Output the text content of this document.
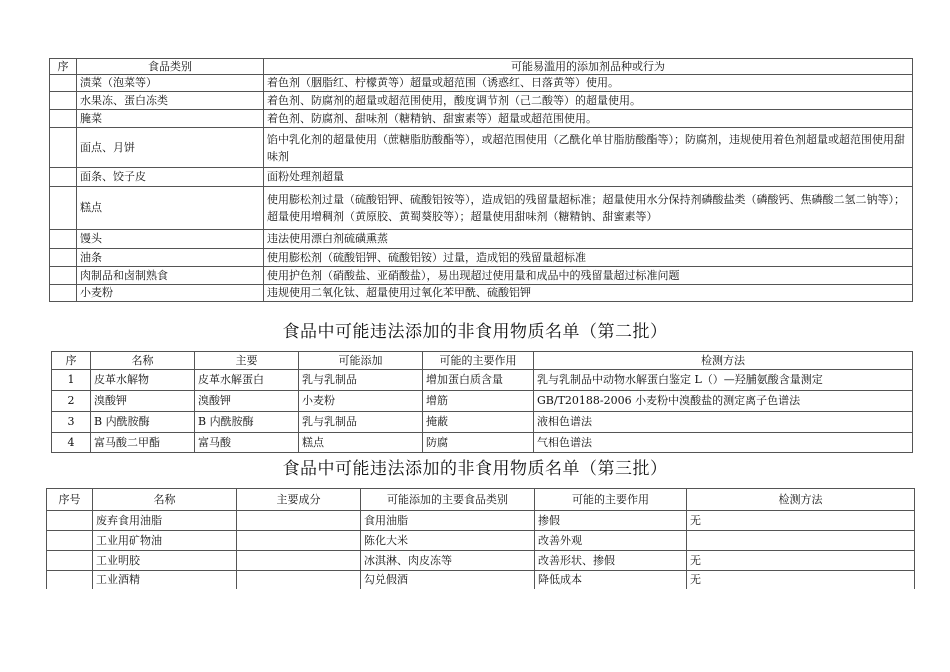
序	食品类别	可能易滥用的添加剂品种或行为
	渍菜（泡菜等）	着色剂（胭脂红、柠檬黄等）超量或超范围（诱惑红、日落黄等）使用。
	水果冻、蛋白冻类	着色剂、防腐剂的超量或超范围使用，酸度调节剂（己二酸等）的超量使用。
	腌菜	着色剂、防腐剂、甜味剂（糖精钠、甜蜜素等）超量或超范围使用。
	面点、月饼	馅中乳化剂的超量使用（蔗糖脂肪酸酯等），或超范围使用（乙酰化单甘脂肪酸酯等）；防腐剂，违规使用着色剂超量或超范围使用甜味剂
	面条、饺子皮	面粉处理剂超量
	糕点	使用膨松剂过量（硫酸铝钾、硫酸铝铵等），造成铝的残留量超标准；超量使用水分保持剂磷酸盐类（磷酸钙、焦磷酸二氢二钠等）；超量使用增稠剂（黄原胶、黄蜀葵胶等）；超量使用甜味剂（糖精钠、甜蜜素等）
	馒头	违法使用漂白剂硫磺熏蒸
	油条	使用膨松剂（硫酸铝钾、硫酸铝铵）过量，造成铝的残留量超标准
	肉制品和卤制熟食	使用护色剂（硝酸盐、亚硝酸盐），易出现超过使用量和成品中的残留量超过标准问题
	小麦粉	违规使用二氧化钛、超量使用过氧化苯甲酰、硫酸铝钾
食品中可能违法添加的非食用物质名单（第二批）
序	名称	主要	可能添加	可能的主要作用	检测方法
1	皮革水解物	皮革水解蛋白	乳与乳制品	增加蛋白质含量	乳与乳制品中动物水解蛋白鉴定 L（）—羟脯氨酸含量测定
2	溴酸钾	溴酸钾	小麦粉	增筋	GB/T20188-2006 小麦粉中溴酸盐的测定离子色谱法
3	B 内酰胺酶	B 内酰胺酶	乳与乳制品	掩蔽	液相色谱法
4	富马酸二甲酯	富马酸	糕点	防腐	气相色谱法
食品中可能违法添加的非食用物质名单（第三批）
序号	名称	主要成分	可能添加的主要食品类别	可能的主要作用	检测方法
	废弃食用油脂		食用油脂	掺假	无
	工业用矿物油		陈化大米	改善外观	
	工业明胶		冰淇淋、肉皮冻等	改善形状、掺假	无
	工业酒精		勾兑假酒	降低成本	无
